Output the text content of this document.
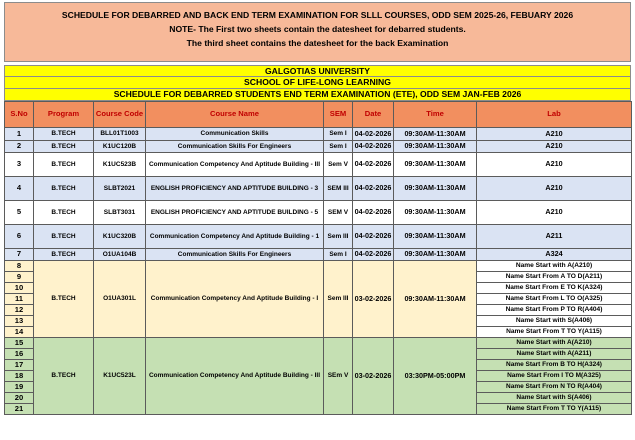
SCHEDULE FOR DEBARRED AND BACK END TERM EXAMINATION FOR SLLL COURSES, ODD SEM 2025-26, FEBUARY 2026
NOTE- The First two sheets contain the datesheet for debarred students.
The third sheet contains the datesheet for the back Examination
GALGOTIAS UNIVERSITY
SCHOOL OF LIFE-LONG LEARNING
SCHEDULE FOR DEBARRED STUDENTS END TERM EXAMINATION (ETE), ODD SEM JAN-FEB 2026
S.No	Program	Course Code	Course Name	SEM	Date	Time	Lab
1	B.TECH	BLL01T1003	Communication Skills	Sem I	04-02-2026	09:30AM-11:30AM	A210
2	B.TECH	K1UC120B	Communication Skills For Engineers	Sem I	04-02-2026	09:30AM-11:30AM	A210
3	B.TECH	K1UC523B	Communication Competency And Aptitude Building - III	Sem V	04-02-2026	09:30AM-11:30AM	A210
4	B.TECH	SLBT2021	ENGLISH PROFICIENCY AND APTITUDE BUILDING - 3	SEM III	04-02-2026	09:30AM-11:30AM	A210
5	B.TECH	SLBT3031	ENGLISH PROFICIENCY AND APTITUDE BUILDING - 5	SEM V	04-02-2026	09:30AM-11:30AM	A210
6	B.TECH	K1UC320B	Communication Competency And Aptitude Building - 1	Sem III	04-02-2026	09:30AM-11:30AM	A211
7	B.TECH	O1UA104B	Communication Skills For Engineers	Sem I	04-02-2026	09:30AM-11:30AM	A324
8	B.TECH	O1UA301L	Communication Competency And Aptitude Building - I	Sem III	03-02-2026	09:30AM-11:30AM	Name Start with A(A210)
9							Name Start From A TO D(A211)
10							Name Start From E TO K(A324)
11							Name Start From L TO O(A325)
12							Name Start From P TO R(A404)
13							Name Start with S(A406)
14							Name Start From T TO Y(A115)
15	B.TECH	K1UC523L	Communication Competency And Aptitude Building - III	SEm V	03-02-2026	03:30PM-05:00PM	Name Start with A(A210)
16							Name Start with A(A211)
17							Name Start From B TO H(A324)
18							Name Start From I TO M(A325)
19							Name Start From N TO R(A404)
20							Name Start with S(A406)
21							Name Start From T TO Y(A115)
